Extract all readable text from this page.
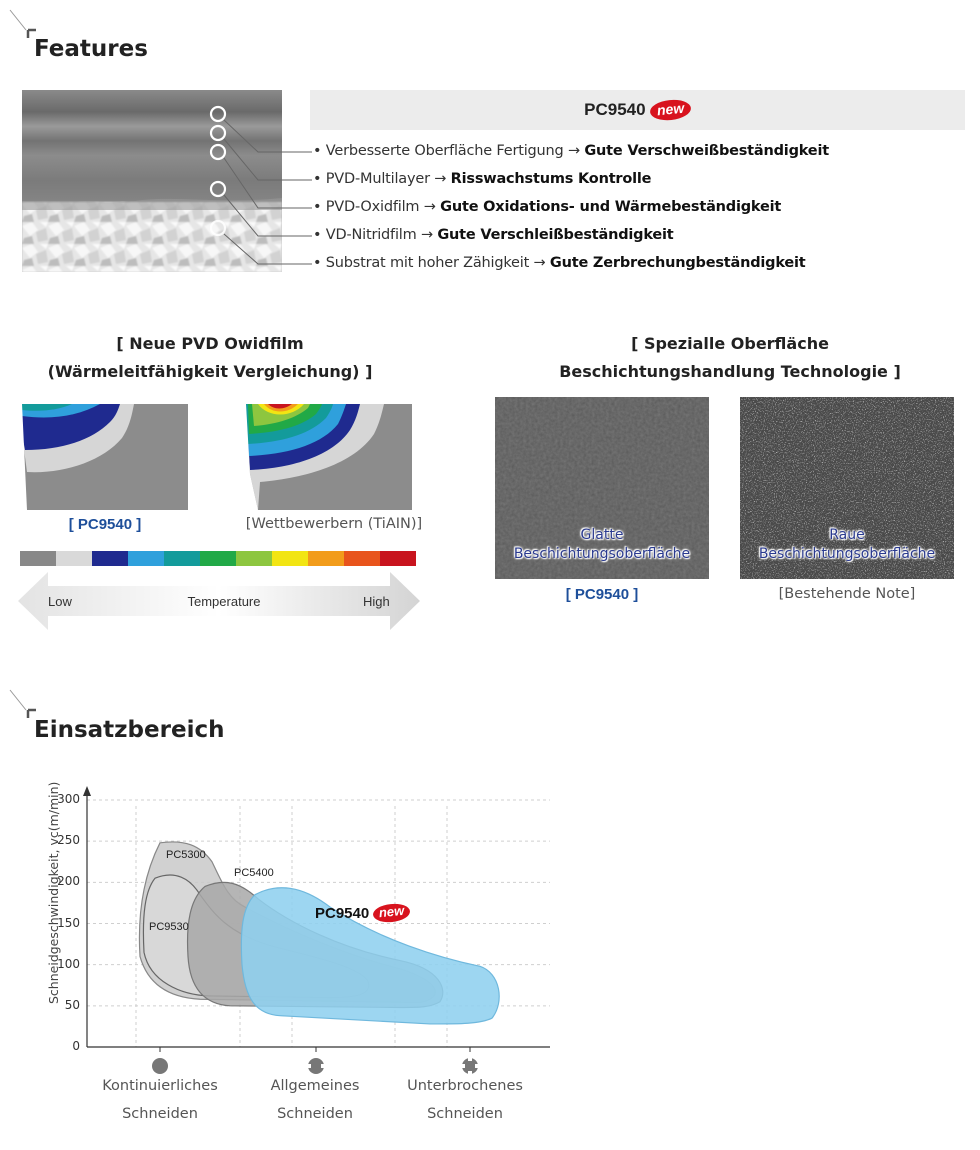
Features
PC9540 new
• Verbesserte Oberfläche Fertigung → Gute Verschweißbeständigkeit
• PVD-Multilayer → Risswachstums Kontrolle
• PVD-Oxidfilm → Gute Oxidations- und Wärmebeständigkeit
• VD-Nitridfilm → Gute Verschleißbeständigkeit
• Substrat mit hoher Zähigkeit → Gute Zerbrechungbeständigkeit
[ Neue PVD Owidfilm
(Wärmeleitfähigkeit Vergleichung) ]
[ PC9540 ]	[Wettbewerbern (TiAIN)]
Low	Temperature	High
[ Spezialle Oberfläche
Beschichtungshandlung Technologie ]
Glatte
Beschichtungsoberfläche
Raue
Beschichtungsoberfläche
[ PC9540 ]	[Bestehende Note]
Einsatzbereich
Schneidgeschwindigkeit, vc(m/min)
0
50
100
150
200
250
300
PC9540 new
PC5300
PC9530
PC5400
Kontinuierliches
Schneiden
Allgemeines
Schneiden
Unterbrochenes
Schneiden
